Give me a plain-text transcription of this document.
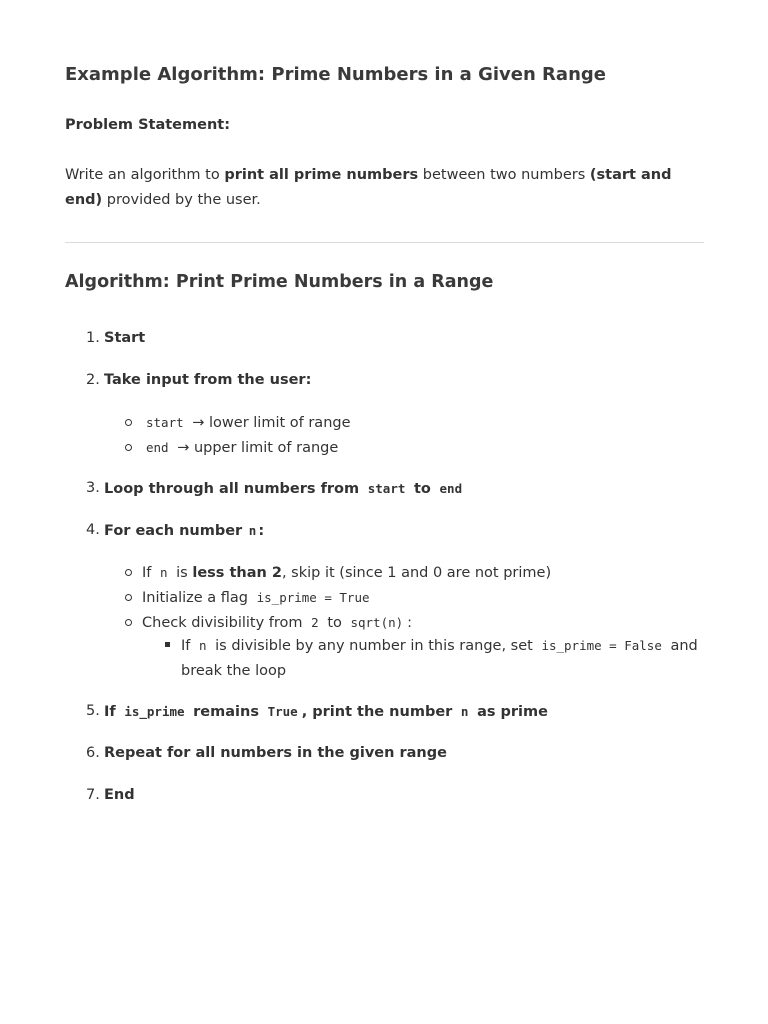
Example Algorithm: Prime Numbers in a Given Range
Problem Statement:

Write an algorithm to print all prime numbers between two numbers (start and end) provided by the user.

Algorithm: Print Prime Numbers in a Range
1. Start
2. Take input from the user:
start → lower limit of range
end → upper limit of range
3. Loop through all numbers from start to end
4. For each number n :
If n is less than 2, skip it (since 1 and 0 are not prime)
Initialize a flag is_prime = True
Check divisibility from 2 to sqrt(n) :
If n is divisible by any number in this range, set is_prime = False and break the loop
5. If is_prime remains True , print the number n as prime
6. Repeat for all numbers in the given range
7. End
